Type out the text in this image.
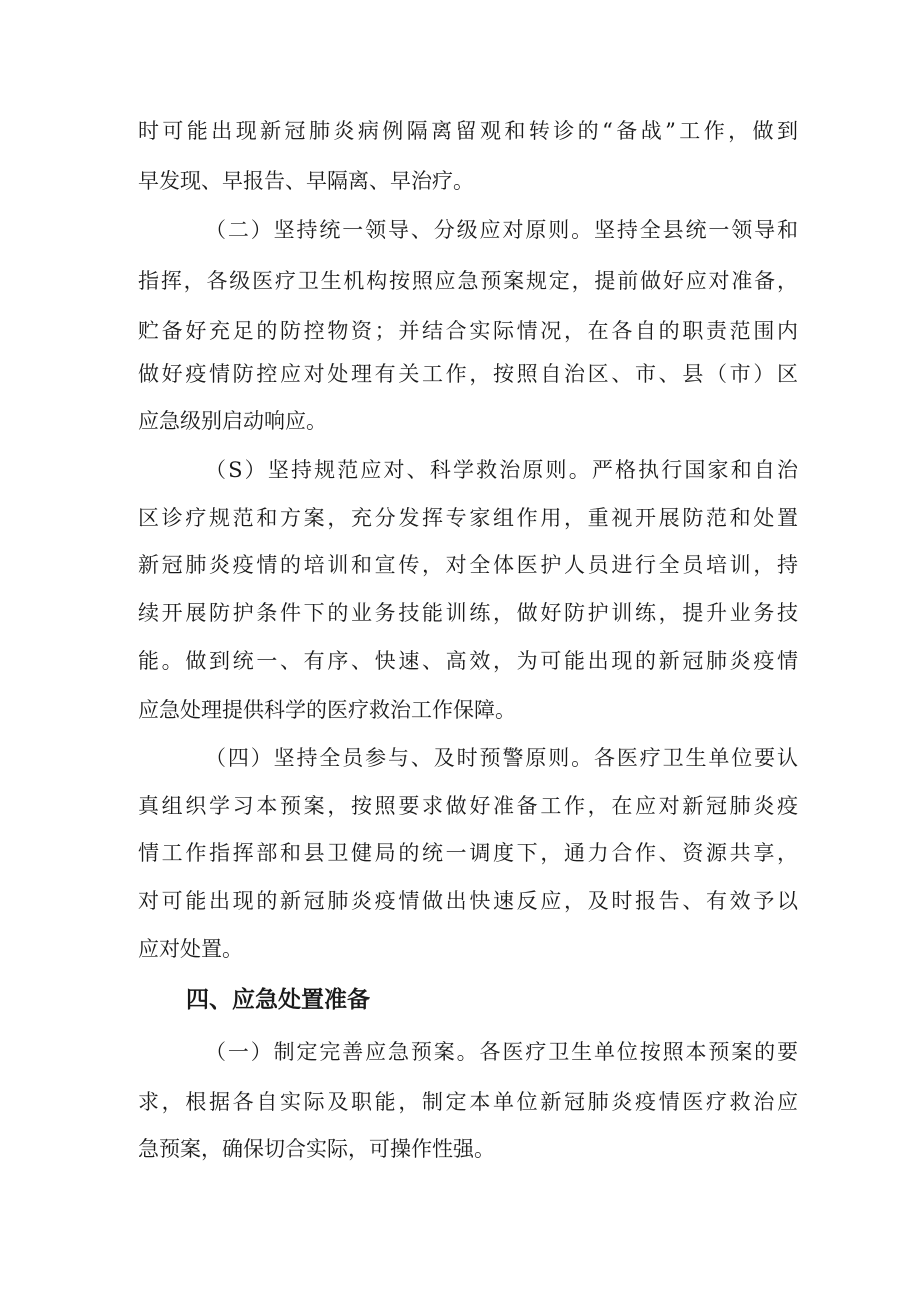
时可能出现新冠肺炎病例隔离留观和转诊的“备战”工作，做到

早发现、早报告、早隔离、早治疗。

（二）坚持统一领导、分级应对原则。坚持全县统一领导和

指挥，各级医疗卫生机构按照应急预案规定，提前做好应对准备，

贮备好充足的防控物资；并结合实际情况，在各自的职责范围内

做好疫情防控应对处理有关工作，按照自治区、市、县（市）区

应急级别启动响应。

（S）坚持规范应对、科学救治原则。严格执行国家和自治

区诊疗规范和方案，充分发挥专家组作用，重视开展防范和处置

新冠肺炎疫情的培训和宣传，对全体医护人员进行全员培训，持

续开展防护条件下的业务技能训练，做好防护训练，提升业务技

能。做到统一、有序、快速、高效，为可能出现的新冠肺炎疫情

应急处理提供科学的医疗救治工作保障。

（四）坚持全员参与、及时预警原则。各医疗卫生单位要认

真组织学习本预案，按照要求做好准备工作，在应对新冠肺炎疫

情工作指挥部和县卫健局的统一调度下，通力合作、资源共享，

对可能出现的新冠肺炎疫情做出快速反应，及时报告、有效予以

应对处置。

四、应急处置准备

（一）制定完善应急预案。各医疗卫生单位按照本预案的要

求，根据各自实际及职能，制定本单位新冠肺炎疫情医疗救治应

急预案，确保切合实际，可操作性强。
